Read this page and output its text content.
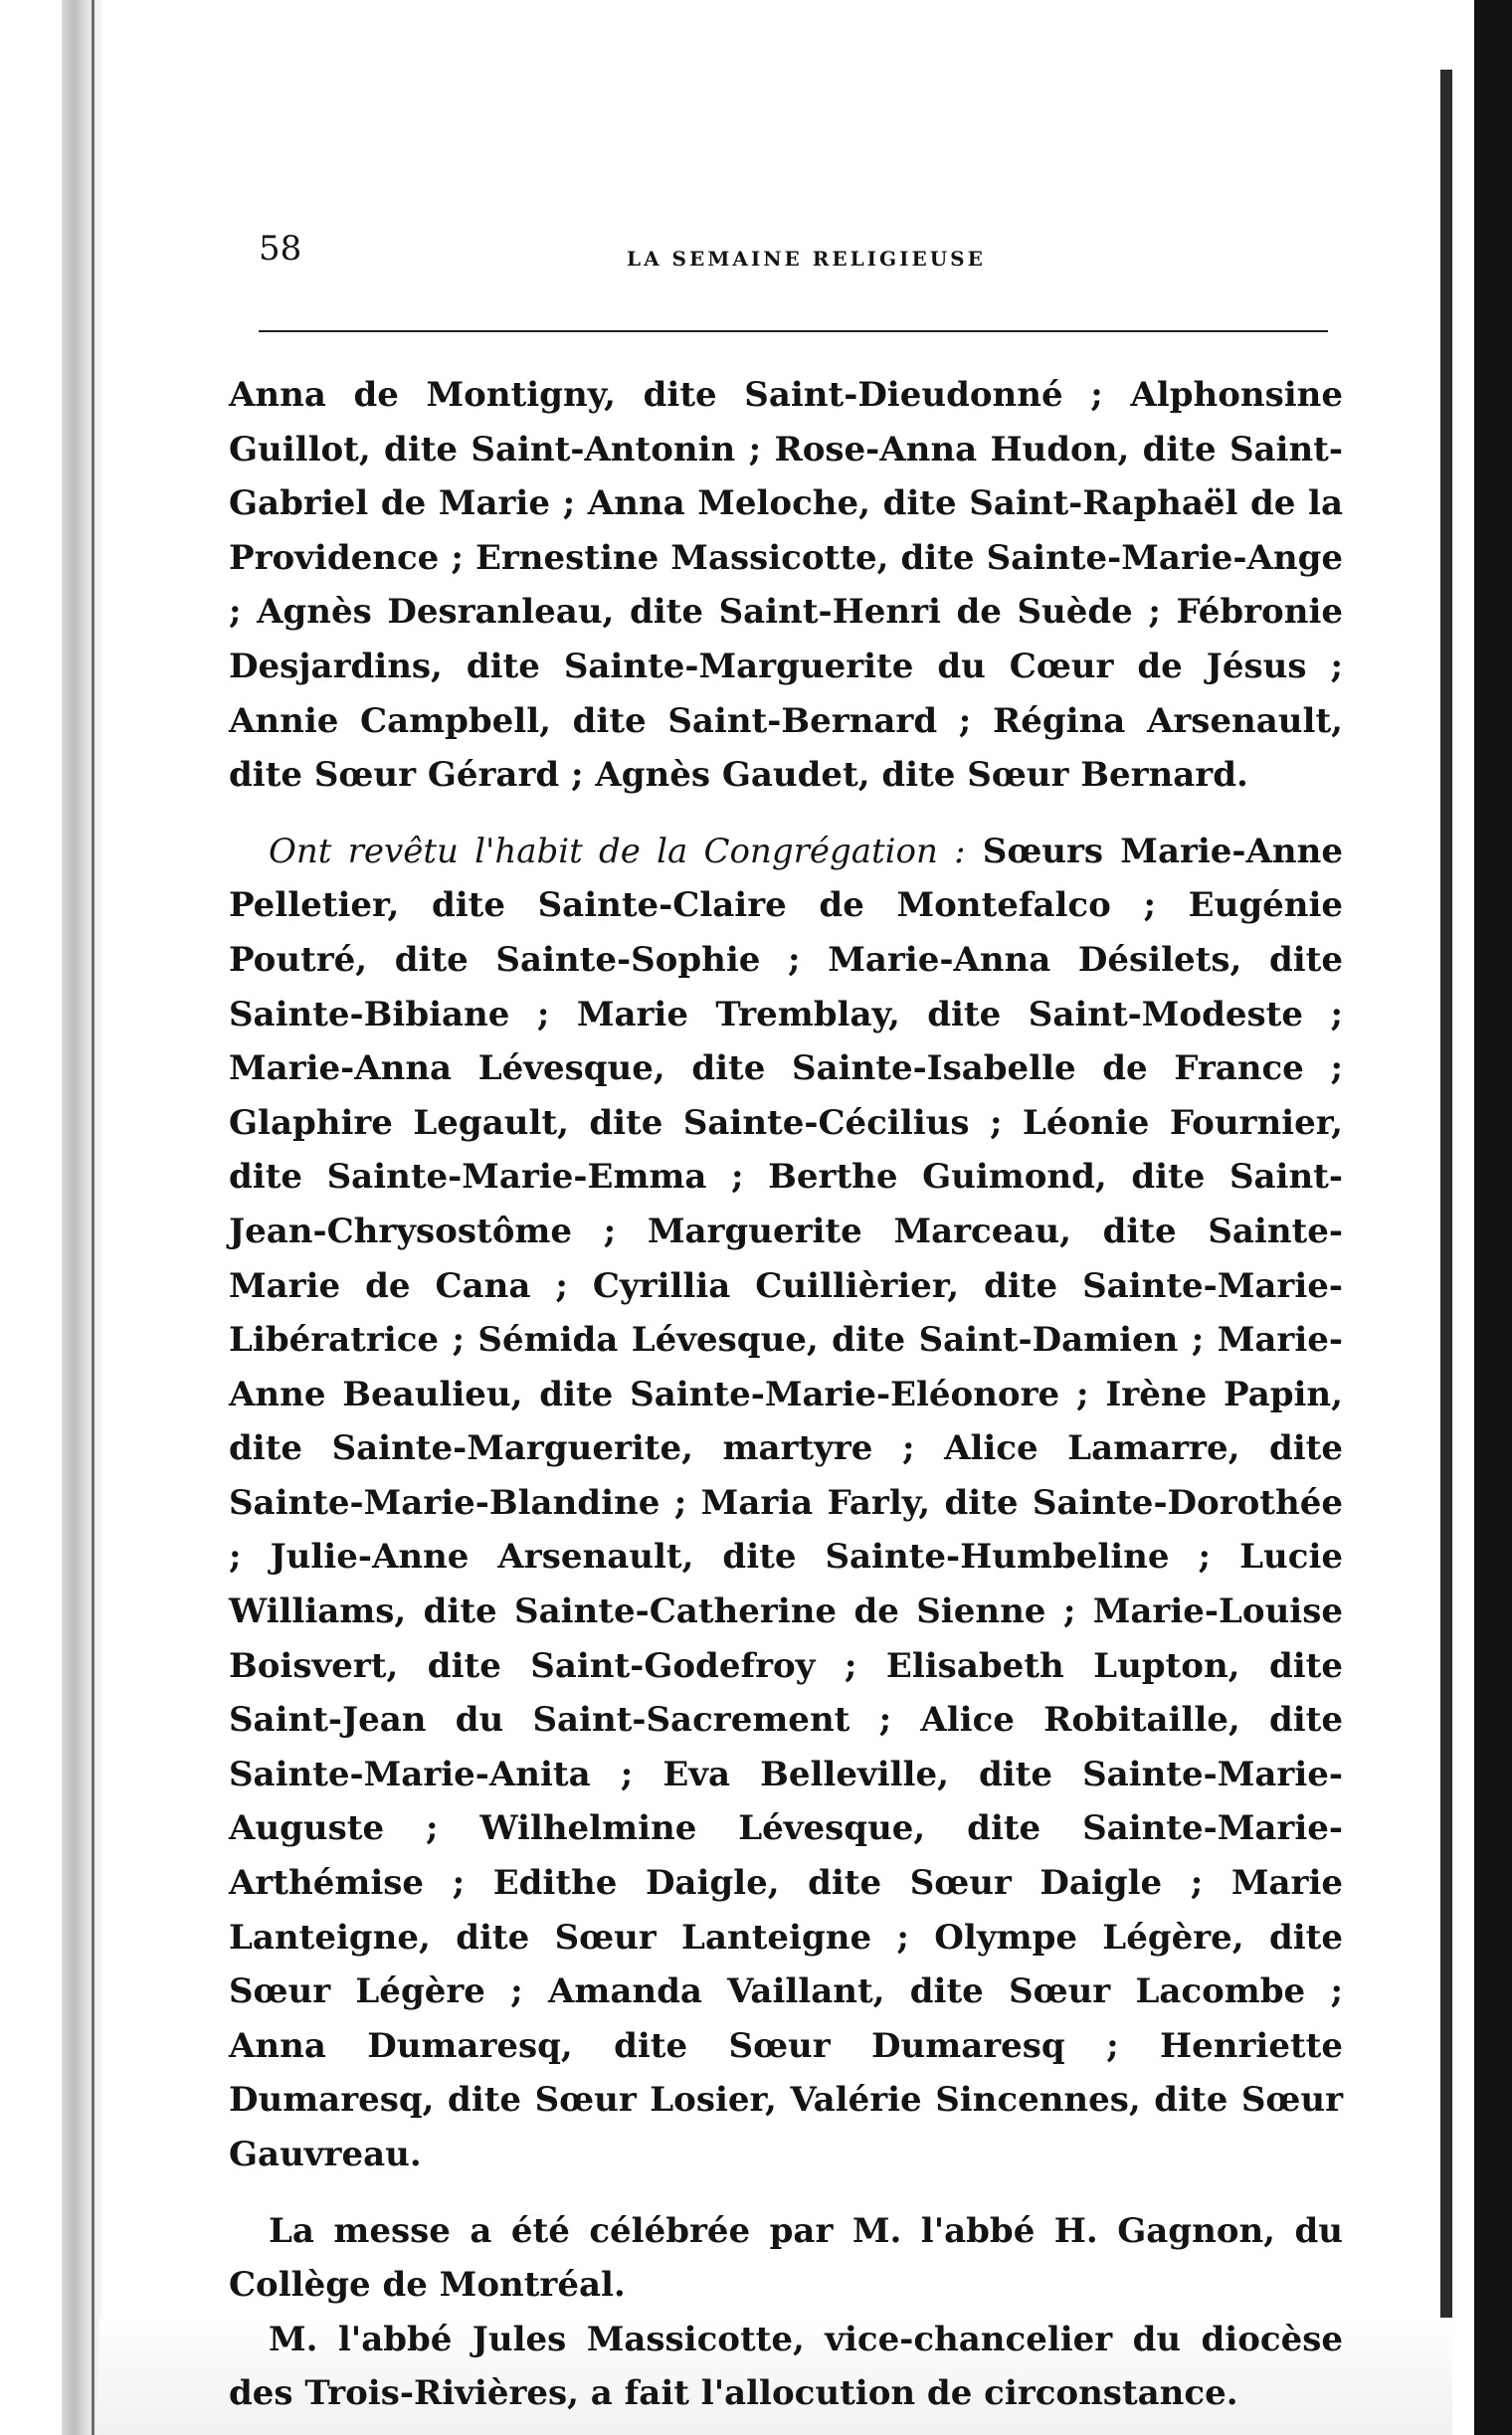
58	LA SEMAINE RELIGIEUSE

Anna de Montigny, dite Saint-Dieudonné ; Alphonsine Guillot, dite Saint-Antonin ; Rose-Anna Hudon, dite Saint-Gabriel de Marie ; Anna Meloche, dite Saint-Raphaël de la Providence ; Ernestine Massicotte, dite Sainte-Marie-Ange ; Agnès Desranleau, dite Saint-Henri de Suède ; Fébronie Desjardins, dite Sainte-Marguerite du Cœur de Jésus ; Annie Campbell, dite Saint-Bernard ; Régina Arsenault, dite Sœur Gérard ; Agnès Gaudet, dite Sœur Bernard.

Ont revêtu l'habit de la Congrégation : Sœurs Marie-Anne Pelletier, dite Sainte-Claire de Montefalco ; Eugénie Poutré, dite Sainte-Sophie ; Marie-Anna Désilets, dite Sainte-Bibiane ; Marie Tremblay, dite Saint-Modeste ; Marie-Anna Lévesque, dite Sainte-Isabelle de France ; Glaphire Legault, dite Sainte-Cécilius ; Léonie Fournier, dite Sainte-Marie-Emma ; Berthe Guimond, dite Saint-Jean-Chrysostôme ; Marguerite Marceau, dite Sainte-Marie de Cana ; Cyrillia Cuillièrier, dite Sainte-Marie-Libératrice ; Sémida Lévesque, dite Saint-Damien ; Marie-Anne Beaulieu, dite Sainte-Marie-Eléonore ; Irène Papin, dite Sainte-Marguerite, martyre ; Alice Lamarre, dite Sainte-Marie-Blandine ; Maria Farly, dite Sainte-Dorothée ; Julie-Anne Arsenault, dite Sainte-Humbeline ; Lucie Williams, dite Sainte-Catherine de Sienne ; Marie-Louise Boisvert, dite Saint-Godefroy ; Elisabeth Lupton, dite Saint-Jean du Saint-Sacrement ; Alice Robitaille, dite Sainte-Marie-Anita ; Eva Belleville, dite Sainte-Marie-Auguste ; Wilhelmine Lévesque, dite Sainte-Marie-Arthémise ; Edithe Daigle, dite Sœur Daigle ; Marie Lanteigne, dite Sœur Lanteigne ; Olympe Légère, dite Sœur Légère ; Amanda Vaillant, dite Sœur Lacombe ; Anna Dumaresq, dite Sœur Dumaresq ; Henriette Dumaresq, dite Sœur Losier, Valérie Sincennes, dite Sœur Gauvreau.

La messe a été célébrée par M. l'abbé H. Gagnon, du Collège de Montréal.

M. l'abbé Jules Massicotte, vice-chancelier du diocèse des Trois-Rivières, a fait l'allocution de circonstance.
